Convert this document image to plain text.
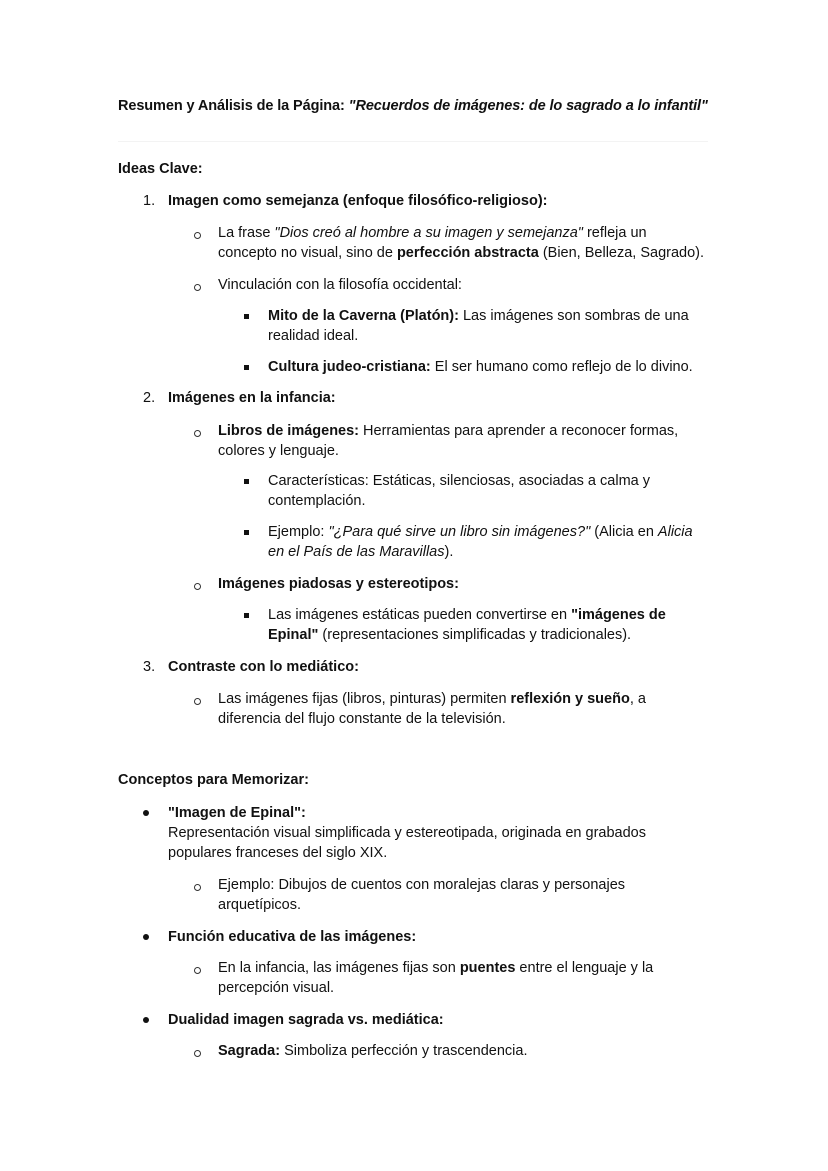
Resumen y Análisis de la Página: "Recuerdos de imágenes: de lo sagrado a lo infantil"
Ideas Clave:
1. Imagen como semejanza (enfoque filosófico-religioso):
La frase "Dios creó al hombre a su imagen y semejanza" refleja un
concepto no visual, sino de perfección abstracta (Bien, Belleza, Sagrado).
Vinculación con la filosofía occidental:
Mito de la Caverna (Platón): Las imágenes son sombras de una
realidad ideal.
Cultura judeo-cristiana: El ser humano como reflejo de lo divino.
2. Imágenes en la infancia:
Libros de imágenes: Herramientas para aprender a reconocer formas,
colores y lenguaje.
Características: Estáticas, silenciosas, asociadas a calma y
contemplación.
Ejemplo: "¿Para qué sirve un libro sin imágenes?" (Alicia en Alicia
en el País de las Maravillas).
Imágenes piadosas y estereotipos:
Las imágenes estáticas pueden convertirse en "imágenes de
Epinal" (representaciones simplificadas y tradicionales).
3. Contraste con lo mediático:
Las imágenes fijas (libros, pinturas) permiten reflexión y sueño, a
diferencia del flujo constante de la televisión.
Conceptos para Memorizar:
"Imagen de Epinal":
Representación visual simplificada y estereotipada, originada en grabados
populares franceses del siglo XIX.
Ejemplo: Dibujos de cuentos con moralejas claras y personajes
arquetípicos.
Función educativa de las imágenes:
En la infancia, las imágenes fijas son puentes entre el lenguaje y la
percepción visual.
Dualidad imagen sagrada vs. mediática:
Sagrada: Simboliza perfección y trascendencia.
